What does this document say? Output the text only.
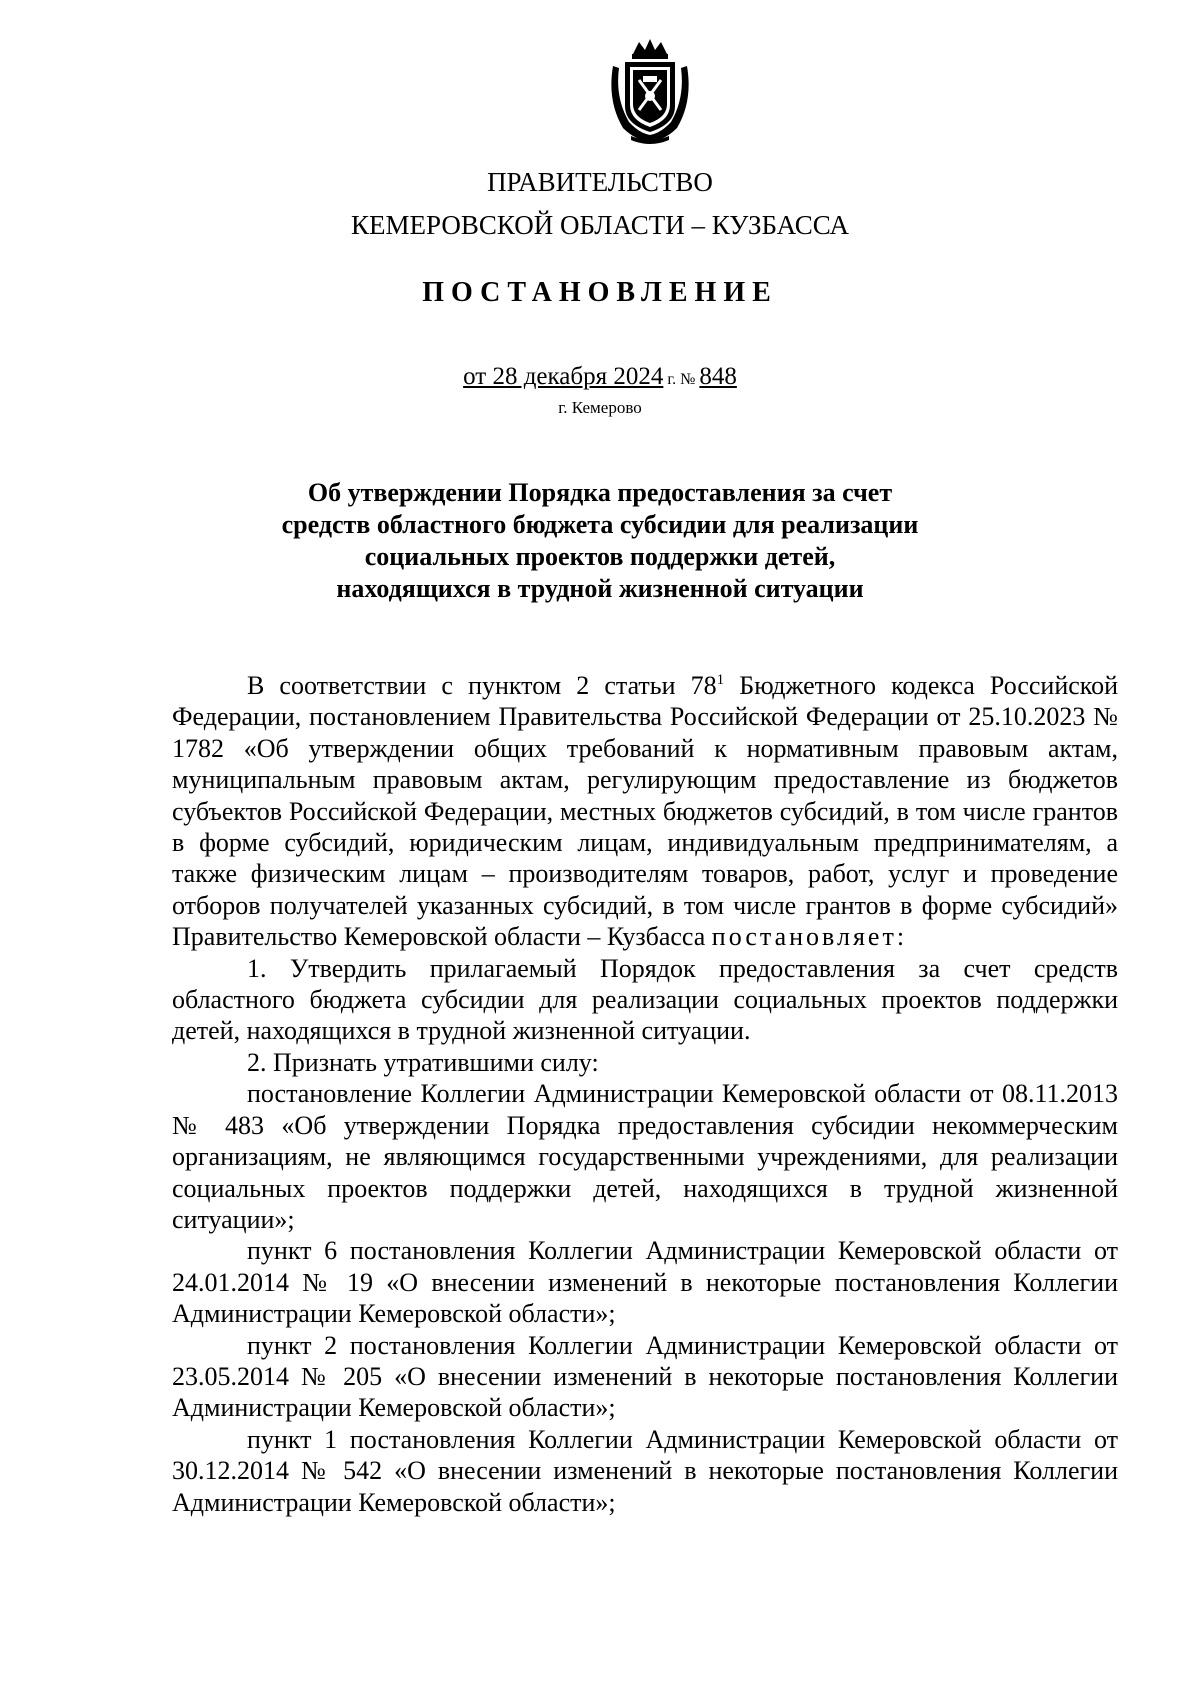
ПРАВИТЕЛЬСТВО
КЕМЕРОВСКОЙ ОБЛАСТИ – КУЗБАССА
ПОСТАНОВЛЕНИЕ
от 28 декабря 2024 г. № 848
г. Кемерово
Об утверждении Порядка предоставления за счет
средств областного бюджета субсидии для реализации
социальных проектов поддержки детей,
находящихся в трудной жизненной ситуации

В соответствии с пунктом 2 статьи $78^1$ Бюджетного кодекса Российской Федерации, постановлением Правительства Российской Федерации от 25.10.2023 № 1782 «Об утверждении общих требований к нормативным правовым актам, муниципальным правовым актам, регулирующим предоставление из бюджетов субъектов Российской Федерации, местных бюджетов субсидий, в том числе грантов в форме субсидий, юридическим лицам, индивидуальным предпринимателям, а также физическим лицам – производителям товаров, работ, услуг и проведение отборов получателей указанных субсидий, в том числе грантов в форме субсидий» Правительство Кемеровской области – Кузбасса постановляет:

1. Утвердить прилагаемый Порядок предоставления за счет средств областного бюджета субсидии для реализации социальных проектов поддержки детей, находящихся в трудной жизненной ситуации.

2. Признать утратившими силу:

постановление Коллегии Администрации Кемеровской области от 08.11.2013 № 483 «Об утверждении Порядка предоставления субсидии некоммерческим организациям, не являющимся государственными учреждениями, для реализации социальных проектов поддержки детей, находящихся в трудной жизненной ситуации»;

пункт 6 постановления Коллегии Администрации Кемеровской области от 24.01.2014 № 19 «О внесении изменений в некоторые постановления Коллегии Администрации Кемеровской области»;

пункт 2 постановления Коллегии Администрации Кемеровской области от 23.05.2014 № 205 «О внесении изменений в некоторые постановления Коллегии Администрации Кемеровской области»;

пункт 1 постановления Коллегии Администрации Кемеровской области от 30.12.2014 № 542 «О внесении изменений в некоторые постановления Коллегии Администрации Кемеровской области»;
